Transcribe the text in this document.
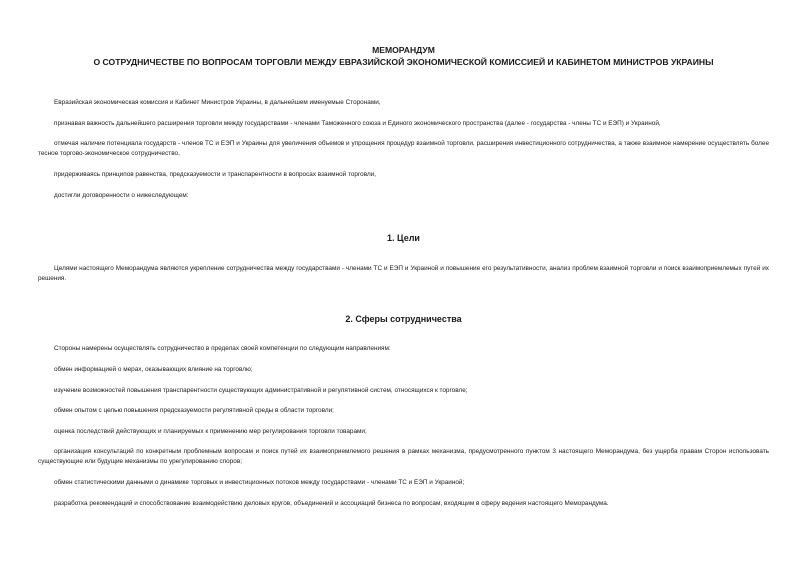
МЕМОРАНДУМ
О СОТРУДНИЧЕСТВЕ ПО ВОПРОСАМ ТОРГОВЛИ МЕЖДУ ЕВРАЗИЙСКОЙ ЭКОНОМИЧЕСКОЙ КОМИССИЕЙ И КАБИНЕТОМ МИНИСТРОВ УКРАИНЫ

Евразийская экономическая комиссия и Кабинет Министров Украины, в дальнейшем именуемые Сторонами,

признавая важность дальнейшего расширения торговли между государствами - членами Таможенного союза и Единого экономического пространства (далее - государства - члены ТС и ЕЭП) и Украиной,

отмечая наличие потенциала государств - членов ТС и ЕЭП и Украины для увеличения объемов и упрощения процедур взаимной торговли, расширения инвестиционного сотрудничества, а также взаимное намерение осуществлять более тесное торгово-экономическое сотрудничество,

придерживаясь принципов равенства, предсказуемости и транспарентности в вопросах взаимной торговли,

достигли договоренности о нижеследующем:

1. Цели

Целями настоящего Меморандума являются укрепление сотрудничества между государствами - членами ТС и ЕЭП и Украиной и повышение его результативности, анализ проблем взаимной торговли и поиск взаимоприемлемых путей их решения.

2. Сферы сотрудничества

Стороны намерены осуществлять сотрудничество в пределах своей компетенции по следующим направлениям:

обмен информацией о мерах, оказывающих влияние на торговлю;

изучение возможностей повышения транспарентности существующих административной и регулятивной систем, относящихся к торговле;

обмен опытом с целью повышения предсказуемости регулятивной среды в области торговли;

оценка последствий действующих и планируемых к применению мер регулирования торговли товарами;

организация консультаций по конкретным проблемным вопросам и поиск путей их взаимоприемлемого решения в рамках механизма, предусмотренного пунктом 3 настоящего Меморандума, без ущерба правам Сторон использовать существующие или будущие механизмы по урегулированию споров;

обмен статистическими данными о динамике торговых и инвестиционных потоков между государствами - членами ТС и ЕЭП и Украиной;

разработка рекомендаций и способствование взаимодействию деловых кругов, объединений и ассоциаций бизнеса по вопросам, входящим в сферу ведения настоящего Меморандума.
